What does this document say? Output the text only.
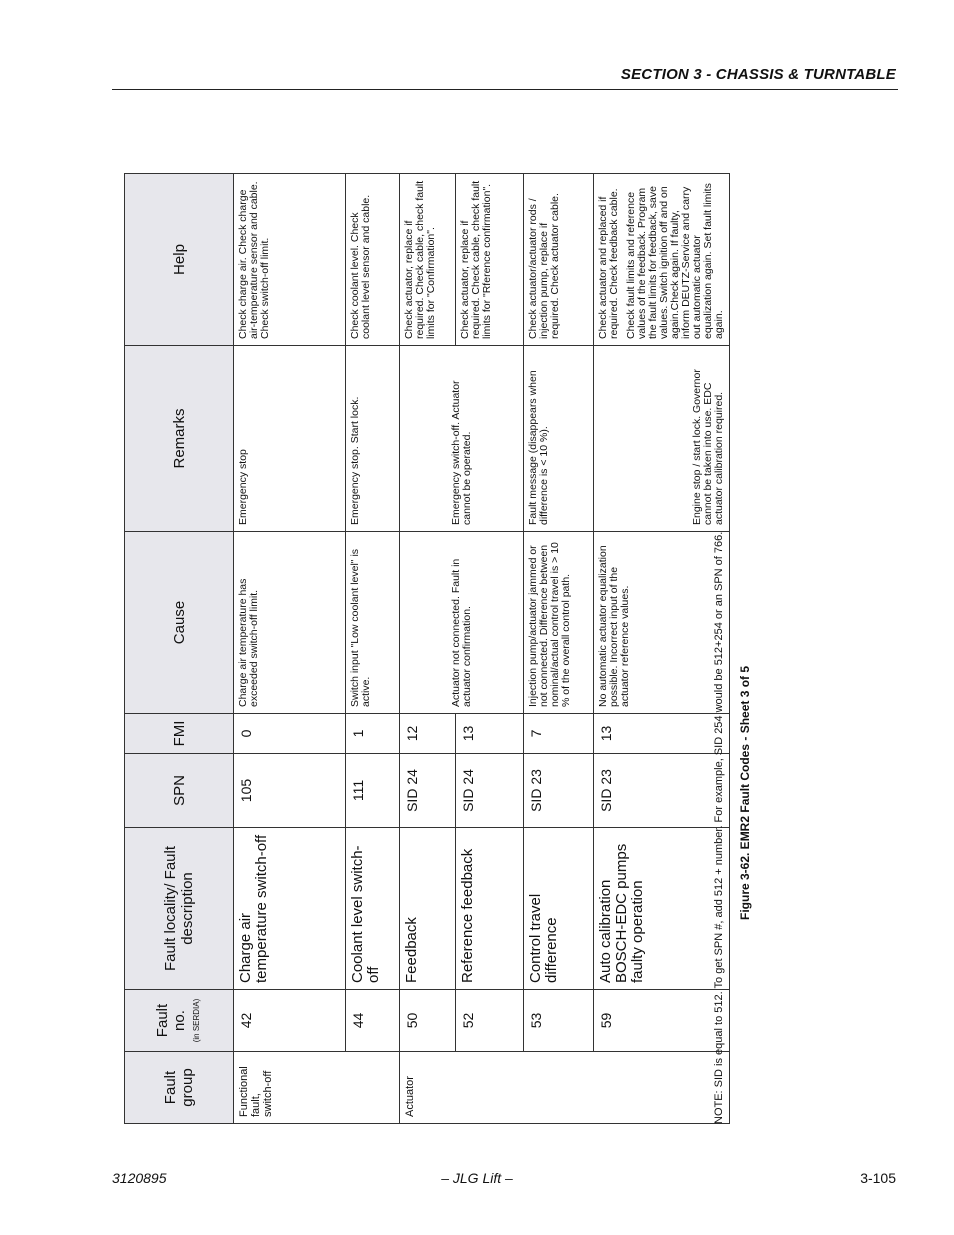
SECTION 3 - CHASSIS & TURNTABLE
Fault group	Fault no. (in SERDIA)	Fault locality/ Fault description	SPN	FMI	Cause	Remarks	Help
Functional fault, switch-off	42	Charge air temperature switch-off	105	0	Charge air temperature has exceeded switch-off limit.	Emergency stop	Check charge air. Check charge air-temperature sensor and cable. Check switch-off limit.
	44	Coolant level switch-off	111	1	Switch input "Low coolant level" is active.	Emergency stop. Start lock.	Check coolant level. Check coolant level sensor and cable.
Actuator	50	Feedback	SID 24	12	Actuator not connected. Fault in actuator confirmation.	Emergency switch-off. Actuator cannot be operated.	Check actuator, replace if required. Check cable, check fault limits for "Confirmation".
	52	Reference feedback	SID 24	13			Check actuator, replace if required. Check cable, check fault limits for "Rference confirmation".
	53	Control travel difference	SID 23	7	Injection pump/actuator jammed or not connected. Difference between nominal/actual control travel is > 10 % of the overall control path.	Fault message (disappears when difference is < 10 %).	Check actuator/actuator rods / injection pump, replace if required. Check actuator cable.
	59	Auto calibration BOSCH-EDC pumps faulty operation	SID 23	13	No automatic actuator equalization possible. Incorrect input of the actuator reference values.	Engine stop / start lock. Governor cannot be taken into use. EDC actuator calibration required.	Check actuator and replaced if required. Check feedback cable. Check fault limits and reference values of the feedback. Program the fault limits for feedback, save values. Switch ignition off and on again.Check again. If faulty, inform DEUTZ-Service and carry out automatic actuator equalization again. Set fault limits again.
NOTE: SID is equal to 512. To get SPN #, add 512 + number. For example, SID 254 would be 512+254 or an SPN of 766. Figure 3-62. EMR2 Fault Codes - Sheet 3 of 5
3120895	– JLG Lift –	3-105
